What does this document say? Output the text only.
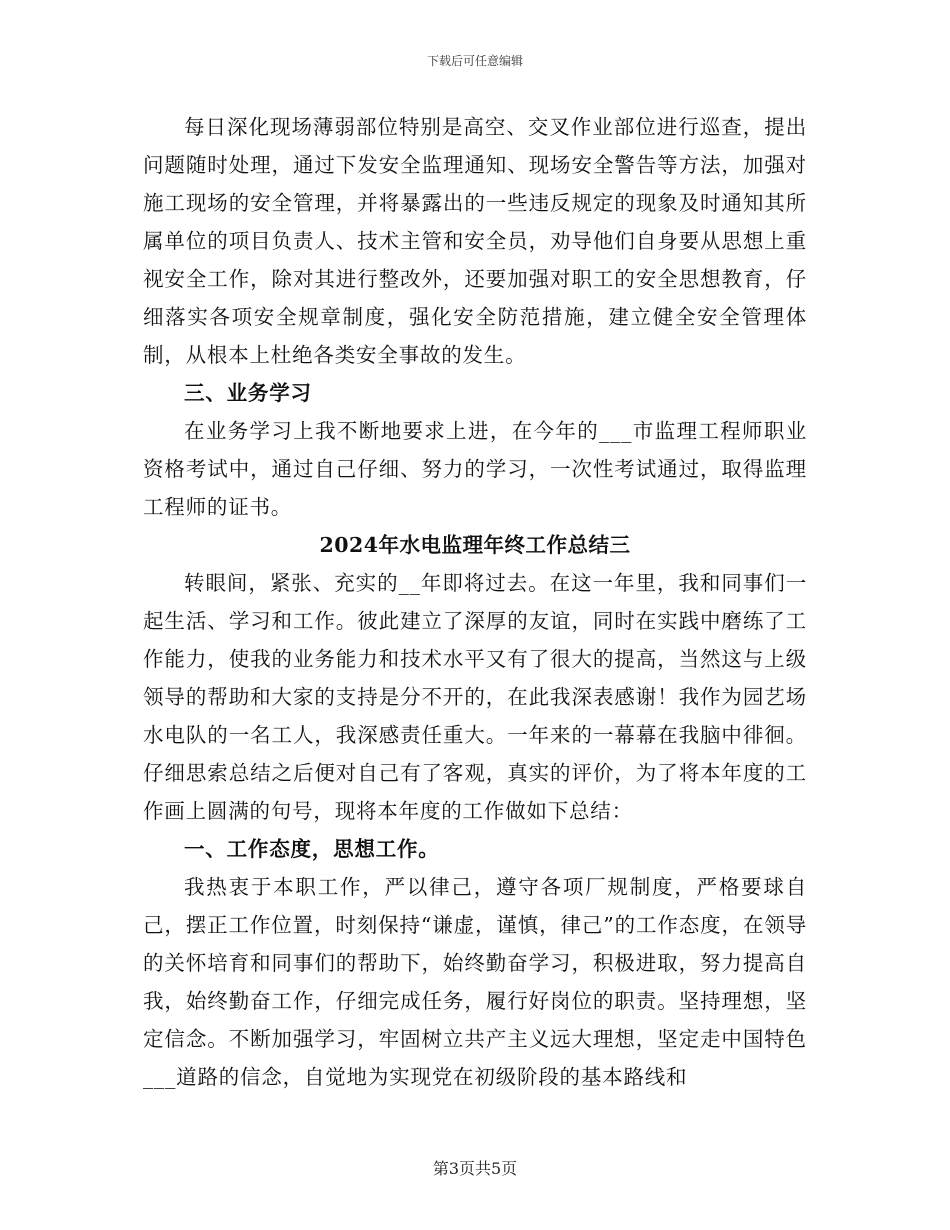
下载后可任意编辑

每日深化现场薄弱部位特别是高空、交叉作业部位进行巡查，提出问题随时处理，通过下发安全监理通知、现场安全警告等方法，加强对施工现场的安全管理，并将暴露出的一些违反规定的现象及时通知其所属单位的项目负责人、技术主管和安全员，劝导他们自身要从思想上重视安全工作，除对其进行整改外，还要加强对职工的安全思想教育，仔细落实各项安全规章制度，强化安全防范措施，建立健全安全管理体制，从根本上杜绝各类安全事故的发生。

三、业务学习

在业务学习上我不断地要求上进，在今年的___市监理工程师职业资格考试中，通过自己仔细、努力的学习，一次性考试通过，取得监理工程师的证书。

2024年水电监理年终工作总结三

转眼间，紧张、充实的__年即将过去。在这一年里，我和同事们一起生活、学习和工作。彼此建立了深厚的友谊，同时在实践中磨练了工作能力，使我的业务能力和技术水平又有了很大的提高，当然这与上级领导的帮助和大家的支持是分不开的，在此我深表感谢！我作为园艺场水电队的一名工人，我深感责任重大。一年来的一幕幕在我脑中徘徊。仔细思索总结之后便对自己有了客观，真实的评价，为了将本年度的工作画上圆满的句号，现将本年度的工作做如下总结：

一、工作态度，思想工作。

我热衷于本职工作，严以律己，遵守各项厂规制度，严格要球自己，摆正工作位置，时刻保持“谦虚，谨慎，律己”的工作态度，在领导的关怀培育和同事们的帮助下，始终勤奋学习，积极进取，努力提高自我，始终勤奋工作，仔细完成任务，履行好岗位的职责。坚持理想，坚定信念。不断加强学习，牢固树立共产主义远大理想，坚定走中国特色___道路的信念，自觉地为实现党在初级阶段的基本路线和

第3页共5页
